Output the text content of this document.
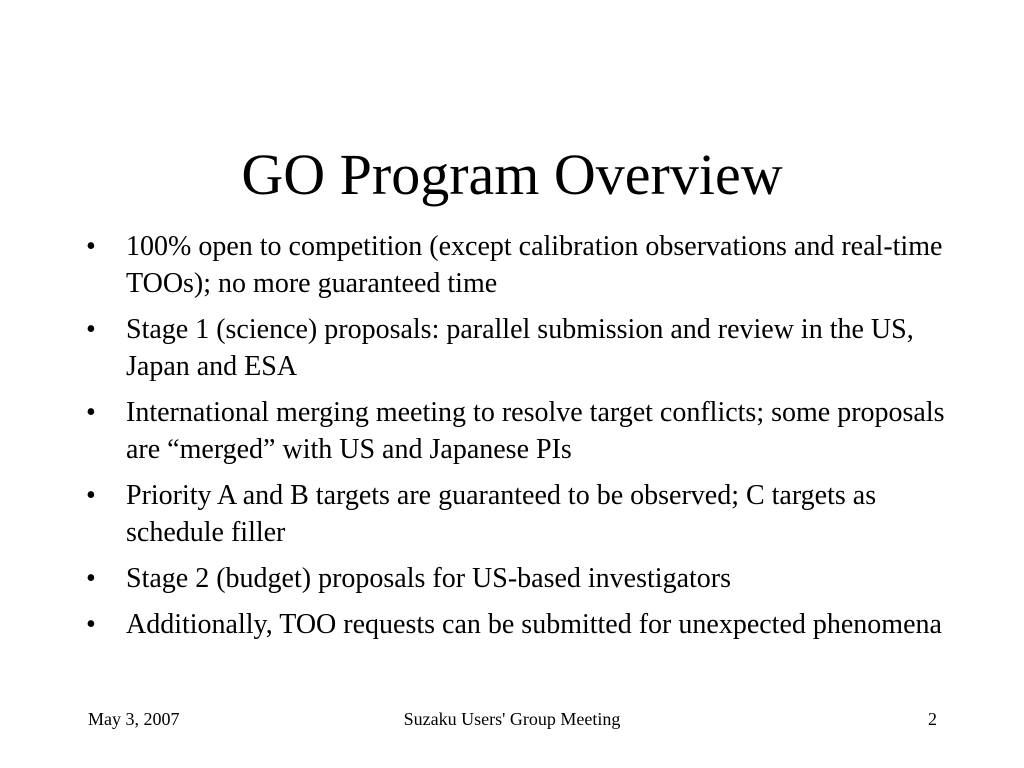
GO Program Overview
•	100% open to competition (except calibration observations and real-time TOOs); no more guaranteed time
•	Stage 1 (science) proposals: parallel submission and review in the US, Japan and ESA
•	International merging meeting to resolve target conflicts; some proposals are “merged” with US and Japanese PIs
•	Priority A and B targets are guaranteed to be observed; C targets as schedule filler
•	Stage 2 (budget) proposals for US-based investigators
•	Additionally, TOO requests can be submitted for unexpected phenomena
May 3, 2007	Suzaku Users' Group Meeting	2
